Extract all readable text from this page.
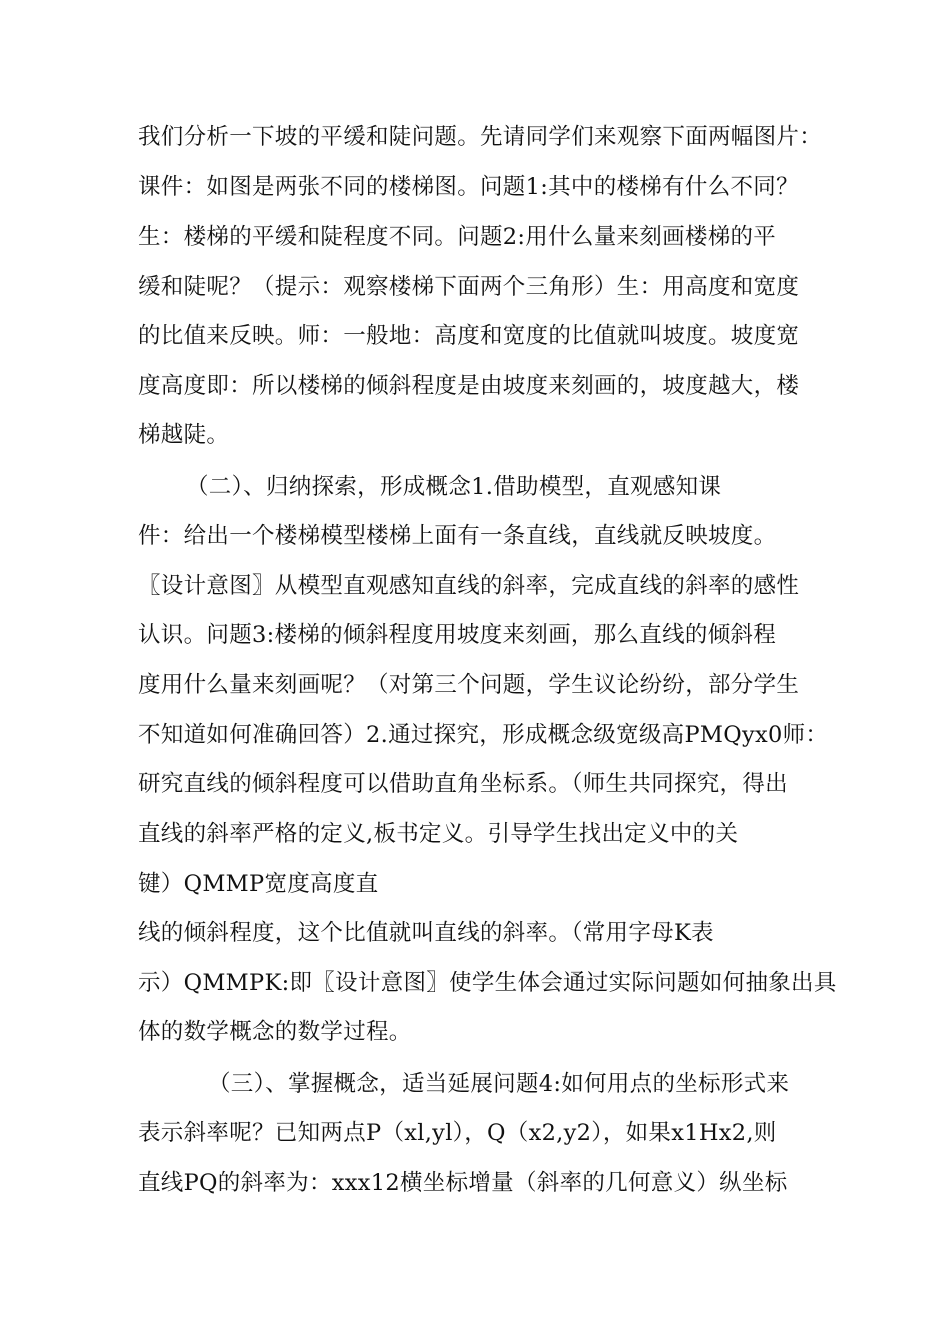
我们分析一下坡的平缓和陡问题。先请同学们来观察下面两幅图片：
课件：如图是两张不同的楼梯图。问题1:其中的楼梯有什么不同？
生：楼梯的平缓和陡程度不同。问题2:用什么量来刻画楼梯的平
缓和陡呢？（提示：观察楼梯下面两个三角形）生：用高度和宽度
的比值来反映。师：一般地：高度和宽度的比值就叫坡度。坡度宽
度高度即：所以楼梯的倾斜程度是由坡度来刻画的，坡度越大，楼
梯越陡。
（二）、归纳探索，形成概念1.借助模型，直观感知课
件：给出一个楼梯模型楼梯上面有一条直线，直线就反映坡度。
〖设计意图〗从模型直观感知直线的斜率，完成直线的斜率的感性
认识。问题3:楼梯的倾斜程度用坡度来刻画，那么直线的倾斜程
度用什么量来刻画呢？（对第三个问题，学生议论纷纷，部分学生
不知道如何准确回答）2.通过探究，形成概念级宽级高PMQyx0师：
研究直线的倾斜程度可以借助直角坐标系。（师生共同探究，得出
直线的斜率严格的定义,板书定义。引导学生找出定义中的关
键）QMMP宽度高度直
线的倾斜程度，这个比值就叫直线的斜率。（常用字母K表
示）QMMPK:即〖设计意图〗使学生体会通过实际问题如何抽象出具
体的数学概念的数学过程。
（三）、掌握概念，适当延展问题4:如何用点的坐标形式来
表示斜率呢？已知两点P（xl,yl），Q（x2,y2），如果x1Hx2,则
直线PQ的斜率为：xxx12横坐标增量（斜率的几何意义）纵坐标
